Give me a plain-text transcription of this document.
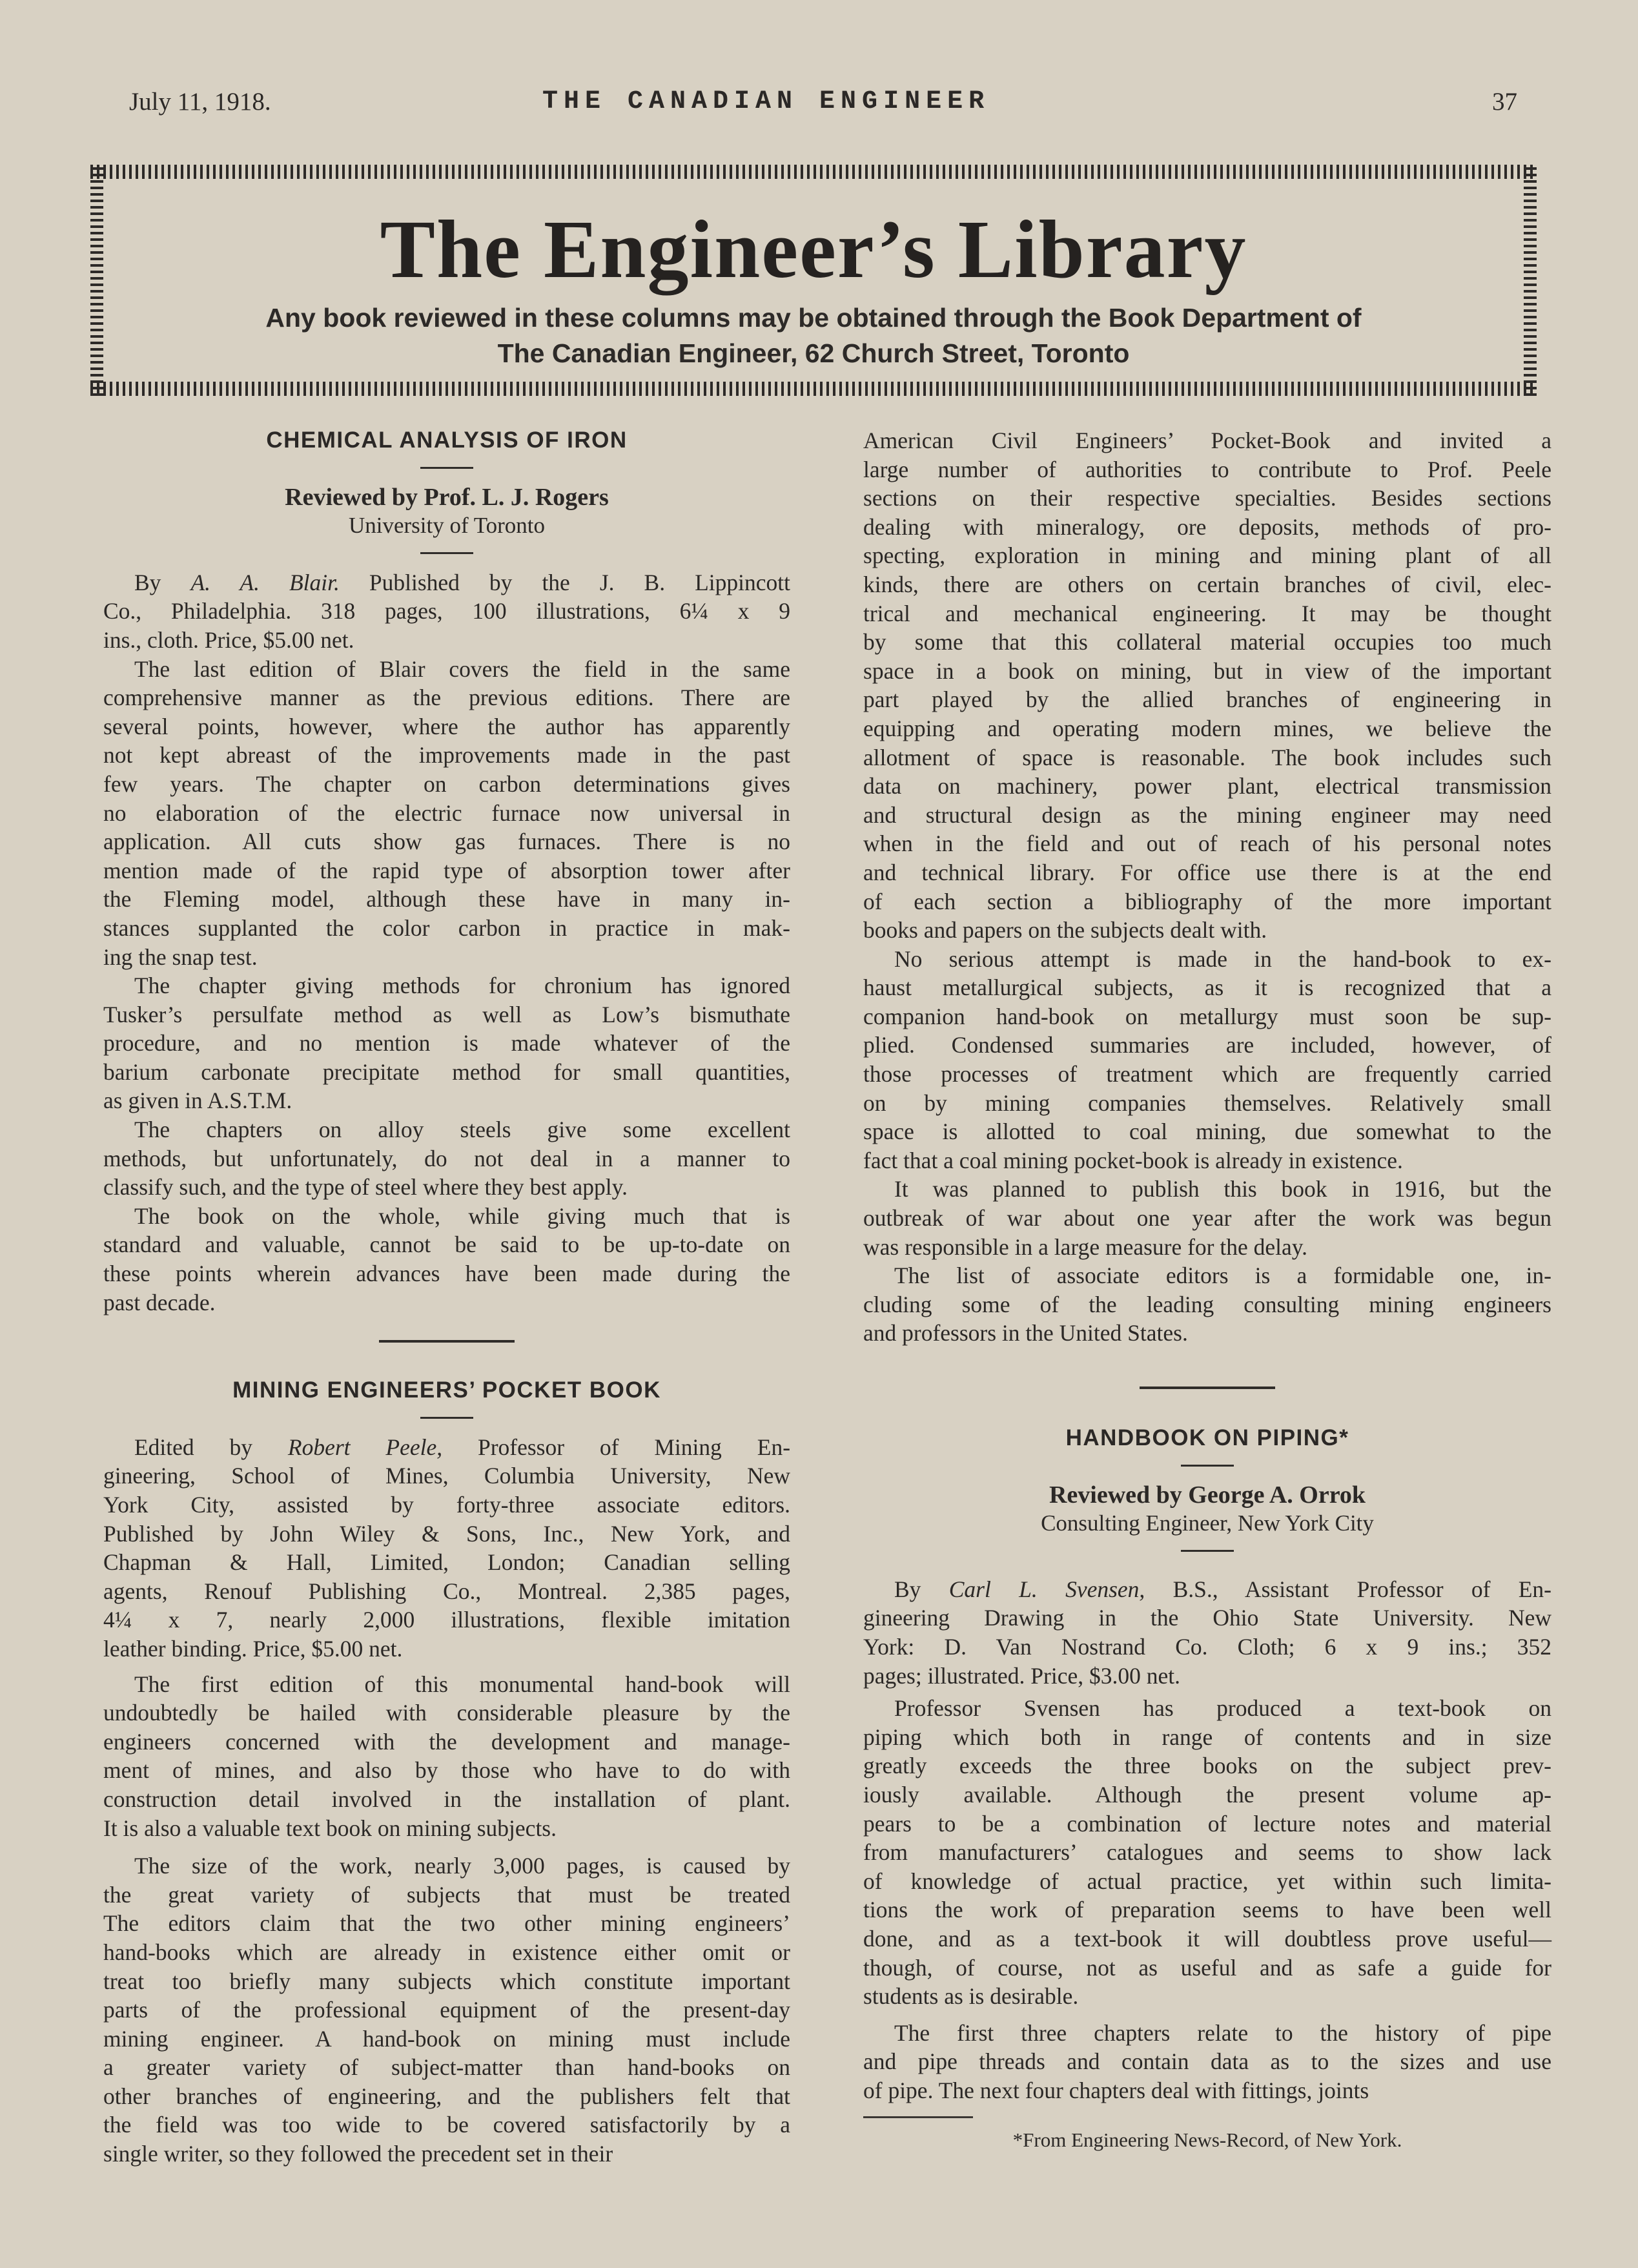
July 11, 1918.	THE CANADIAN ENGINEER	37
The Engineer’s Library
Any book reviewed in these columns may be obtained through the Book Department of
The Canadian Engineer, 62 Church Street, Toronto
CHEMICAL ANALYSIS OF IRON

Reviewed by Prof. L. J. Rogers

University of Toronto

By A. A. Blair. Published by the J. B. Lippincott

Co., Philadelphia. 318 pages, 100 illustrations, 6¼ x 9

ins., cloth. Price, $5.00 net.

The last edition of Blair covers the field in the same

comprehensive manner as the previous editions. There are

several points, however, where the author has apparently

not kept abreast of the improvements made in the past

few years. The chapter on carbon determinations gives

no elaboration of the electric furnace now universal in

application. All cuts show gas furnaces. There is no

mention made of the rapid type of absorption tower after

the Fleming model, although these have in many in-

stances supplanted the color carbon in practice in mak-

ing the snap test.

The chapter giving methods for chronium has ignored

Tusker’s persulfate method as well as Low’s bismuthate

procedure, and no mention is made whatever of the

barium carbonate precipitate method for small quantities,

as given in A.S.T.M.

The chapters on alloy steels give some excellent

methods, but unfortunately, do not deal in a manner to

classify such, and the type of steel where they best apply.

The book on the whole, while giving much that is

standard and valuable, cannot be said to be up-to-date on

these points wherein advances have been made during the

past decade.

MINING ENGINEERS’ POCKET BOOK

Edited by Robert Peele, Professor of Mining En-

gineering, School of Mines, Columbia University, New

York City, assisted by forty-three associate editors.

Published by John Wiley & Sons, Inc., New York, and

Chapman & Hall, Limited, London; Canadian selling

agents, Renouf Publishing Co., Montreal. 2,385 pages,

4¼ x 7, nearly 2,000 illustrations, flexible imitation

leather binding. Price, $5.00 net.

The first edition of this monumental hand-book will

undoubtedly be hailed with considerable pleasure by the

engineers concerned with the development and manage-

ment of mines, and also by those who have to do with

construction detail involved in the installation of plant.

It is also a valuable text book on mining subjects.

The size of the work, nearly 3,000 pages, is caused by

the great variety of subjects that must be treated

The editors claim that the two other mining engineers’

hand-books which are already in existence either omit or

treat too briefly many subjects which constitute important

parts of the professional equipment of the present-day

mining engineer. A hand-book on mining must include

a greater variety of subject-matter than hand-books on

other branches of engineering, and the publishers felt that

the field was too wide to be covered satisfactorily by a

single writer, so they followed the precedent set in their

American Civil Engineers’ Pocket-Book and invited a

large number of authorities to contribute to Prof. Peele

sections on their respective specialties. Besides sections

dealing with mineralogy, ore deposits, methods of pro-

specting, exploration in mining and mining plant of all

kinds, there are others on certain branches of civil, elec-

trical and mechanical engineering. It may be thought

by some that this collateral material occupies too much

space in a book on mining, but in view of the important

part played by the allied branches of engineering in

equipping and operating modern mines, we believe the

allotment of space is reasonable. The book includes such

data on machinery, power plant, electrical transmission

and structural design as the mining engineer may need

when in the field and out of reach of his personal notes

and technical library. For office use there is at the end

of each section a bibliography of the more important

books and papers on the subjects dealt with.

No serious attempt is made in the hand-book to ex-

haust metallurgical subjects, as it is recognized that a

companion hand-book on metallurgy must soon be sup-

plied. Condensed summaries are included, however, of

those processes of treatment which are frequently carried

on by mining companies themselves. Relatively small

space is allotted to coal mining, due somewhat to the

fact that a coal mining pocket-book is already in existence.

It was planned to publish this book in 1916, but the

outbreak of war about one year after the work was begun

was responsible in a large measure for the delay.

The list of associate editors is a formidable one, in-

cluding some of the leading consulting mining engineers

and professors in the United States.

HANDBOOK ON PIPING*

Reviewed by George A. Orrok

Consulting Engineer, New York City

By Carl L. Svensen, B.S., Assistant Professor of En-

gineering Drawing in the Ohio State University. New

York: D. Van Nostrand Co. Cloth; 6 x 9 ins.; 352

pages; illustrated. Price, $3.00 net.

Professor Svensen has produced a text-book on

piping which both in range of contents and in size

greatly exceeds the three books on the subject prev-

iously available. Although the present volume ap-

pears to be a combination of lecture notes and material

from manufacturers’ catalogues and seems to show lack

of knowledge of actual practice, yet within such limita-

tions the work of preparation seems to have been well

done, and as a text-book it will doubtless prove useful—

though, of course, not as useful and as safe a guide for

students as is desirable.

The first three chapters relate to the history of pipe

and pipe threads and contain data as to the sizes and use

of pipe. The next four chapters deal with fittings, joints

*From Engineering News-Record, of New York.
